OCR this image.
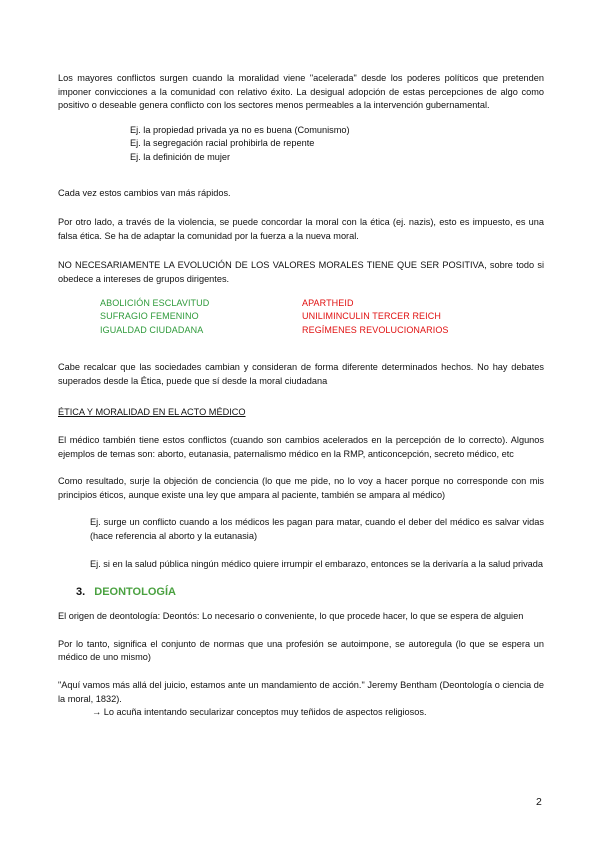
Los mayores conflictos surgen cuando la moralidad viene "acelerada" desde los poderes políticos que pretenden imponer convicciones a la comunidad con relativo éxito. La desigual adopción de estas percepciones de algo como positivo o deseable genera conflicto con los sectores menos permeables a la intervención gubernamental.

Ej. la propiedad privada ya no es buena (Comunismo)
Ej. la segregación racial prohibirla de repente
Ej. la definición de mujer

Cada vez estos cambios van más rápidos.

Por otro lado, a través de la violencia, se puede concordar la moral con la ética (ej. nazis), esto es impuesto, es una falsa ética. Se ha de adaptar la comunidad por la fuerza a la nueva moral.

NO NECESARIAMENTE LA EVOLUCIÓN DE LOS VALORES MORALES TIENE QUE SER POSITIVA, sobre todo si obedece a intereses de grupos dirigentes.

ABOLICIÓN ESCLAVITUD
SUFRAGIO FEMENINO
IGUALDAD CIUDADANA
APARTHEID
UNILIMINCULIN TERCER REICH
REGÍMENES REVOLUCIONARIOS

Cabe recalcar que las sociedades cambian y consideran de forma diferente determinados hechos. No hay debates superados desde la Ética, puede que sí desde la moral ciudadana

ÉTICA Y MORALIDAD EN EL ACTO MÉDICO

El médico también tiene estos conflictos (cuando son cambios acelerados en la percepción de lo correcto). Algunos ejemplos de temas son: aborto, eutanasia, paternalismo médico en la RMP, anticoncepción, secreto médico, etc

Como resultado, surje la objeción de conciencia (lo que me pide, no lo voy a hacer porque no corresponde con mis principios éticos, aunque existe una ley que ampara al paciente, también se ampara al médico)

Ej. surge un conflicto cuando a los médicos les pagan para matar, cuando el deber del médico es salvar vidas (hace referencia al aborto y la eutanasia)

Ej. si en la salud pública ningún médico quiere irrumpir el embarazo, entonces se la derivaría a la salud privada

3. DEONTOLOGÍA

El origen de deontología: Deontós: Lo necesario o conveniente, lo que procede hacer, lo que se espera de alguien

Por lo tanto, significa el conjunto de normas que una profesión se autoimpone, se autoregula (lo que se espera un médico de uno mismo)

"Aquí vamos más allá del juicio, estamos ante un mandamiento de acción." Jeremy Bentham (Deontología o ciencia de la moral, 1832).

→ Lo acuña intentando secularizar conceptos muy teñidos de aspectos religiosos.

2
